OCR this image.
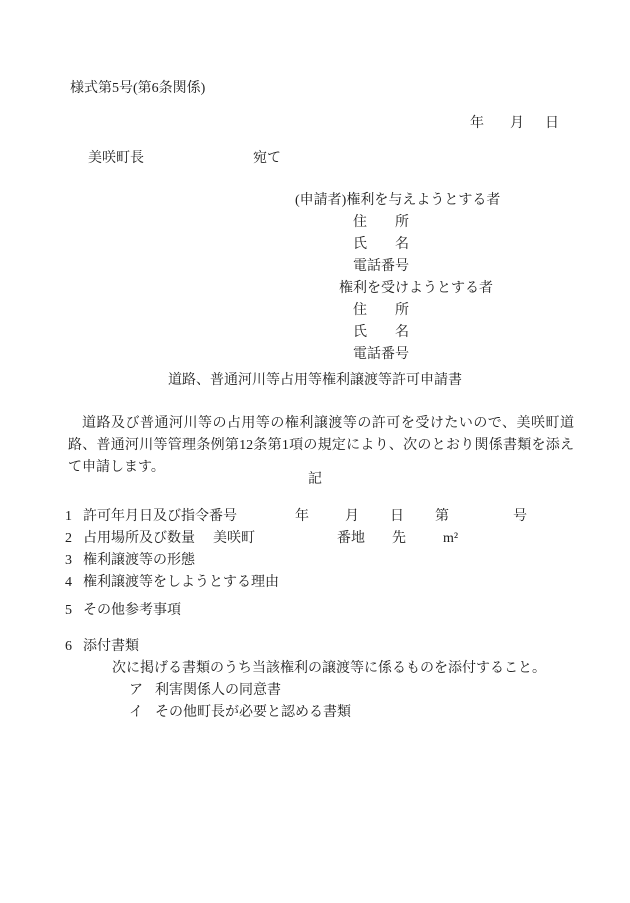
様式第5号(第6条関係)
年 月 日
美咲町長	宛て
(申請者)権利を与えようとする者
住 所
氏 名
電話番号
権利を受けようとする者
住 所
氏 名
電話番号
道路、普通河川等占用等権利譲渡等許可申請書
道路及び普通河川等の占用等の権利譲渡等の許可を受けたいので、美咲町道路、普通河川等管理条例第12条第1項の規定により、次のとおり関係書類を添えて申請します。
記
1 許可年月日及び指令番号	年	月 日 第	号
2 占用場所及び数量 美咲町	番地 先	m²
3 権利譲渡等の形態
4 権利譲渡等をしようとする理由
5 その他参考事項
6 添付書類
次に掲げる書類のうち当該権利の譲渡等に係るものを添付すること。
ア 利害関係人の同意書
イ その他町長が必要と認める書類
